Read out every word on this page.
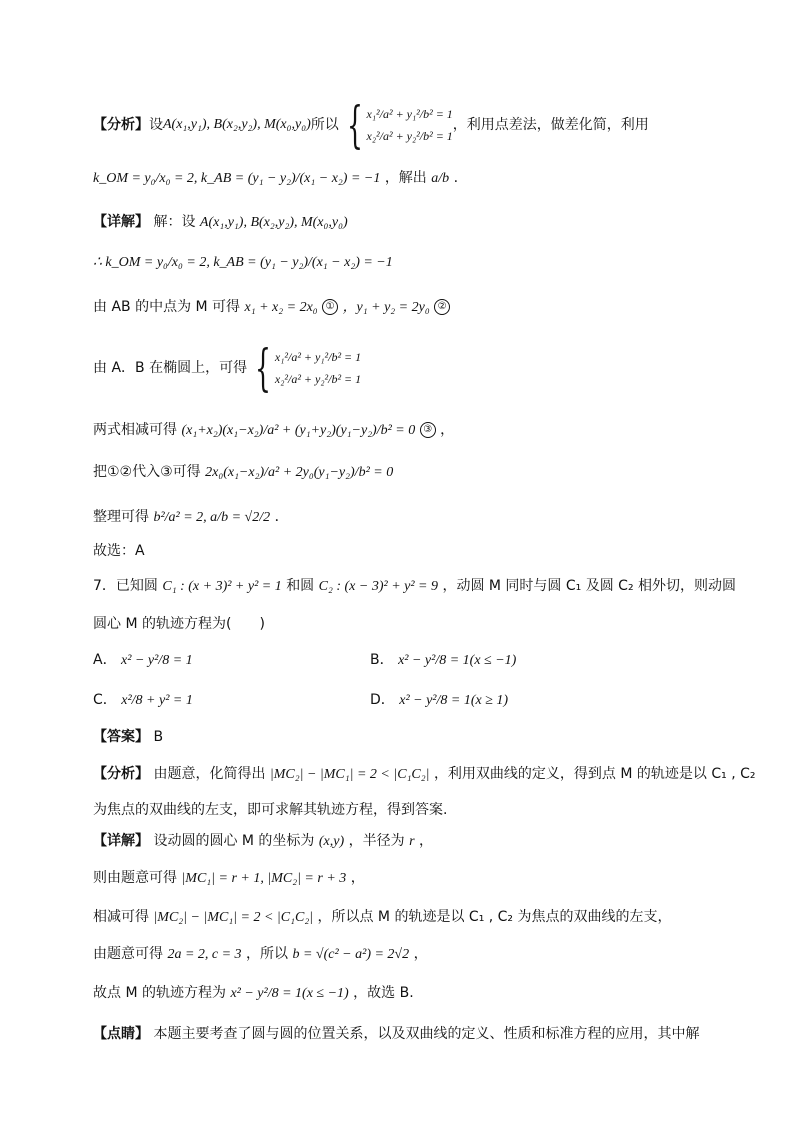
【分析】 设 A(x₁,y₁), B(x₂,y₂), M(x₀,y₀) 所以 { x₁²/a² + y₁²/b² = 1
x₂²/a² + y₂²/b² = 1
，利用点差法，做差化简，利用
k_OM = y₀/x₀ = 2, k_AB = (y₁ − y₂)/(x₁ − x₂) = −1 ，解出 a/b .
【详解】 解：设 A(x₁,y₁), B(x₂,y₂), M(x₀,y₀)
∴ k_OM = y₀/x₀ = 2, k_AB = (y₁ − y₂)/(x₁ − x₂) = −1
由 AB 的中点为 M 可得 x₁ + x₂ = 2x₀ ① ，y₁ + y₂ = 2y₀ ②
由 A．B 在椭圆上，可得 { x₁²/a² + y₁²/b² = 1
x₂²/a² + y₂²/b² = 1
两式相减可得 (x₁+x₂)(x₁−x₂)/a² + (y₁+y₂)(y₁−y₂)/b² = 0 ③ ，
把①②代入③可得 2x₀(x₁−x₂)/a² + 2y₀(y₁−y₂)/b² = 0
整理可得 b²/a² = 2, a/b = √2/2 ．
故选：A
7．已知圆 C₁ : (x + 3)² + y² = 1 和圆 C₂ : (x − 3)² + y² = 9 ，动圆 M 同时与圆 C₁ 及圆 C₂ 相外切，则动圆
圆心 M 的轨迹方程为(　　)
A． x² − y²/8 = 1	B． x² − y²/8 = 1(x ≤ −1)
C． x²/8 + y² = 1	D． x² − y²/8 = 1(x ≥ 1)
【答案】 B
【分析】 由题意，化简得出 |MC₂| − |MC₁| = 2 < |C₁C₂| ，利用双曲线的定义，得到点 M 的轨迹是以 C₁ , C₂
为焦点的双曲线的左支，即可求解其轨迹方程，得到答案.
【详解】 设动圆的圆心 M 的坐标为 (x,y) ，半径为 r ，
则由题意可得 |MC₁| = r + 1, |MC₂| = r + 3 ，
相减可得 |MC₂| − |MC₁| = 2 < |C₁C₂| ，所以点 M 的轨迹是以 C₁ , C₂ 为焦点的双曲线的左支，
由题意可得 2a = 2, c = 3 ，所以 b = √(c² − a²) = 2√2 ，
故点 M 的轨迹方程为 x² − y²/8 = 1(x ≤ −1) ，故选 B.
【点睛】 本题主要考查了圆与圆的位置关系，以及双曲线的定义、性质和标准方程的应用，其中解
